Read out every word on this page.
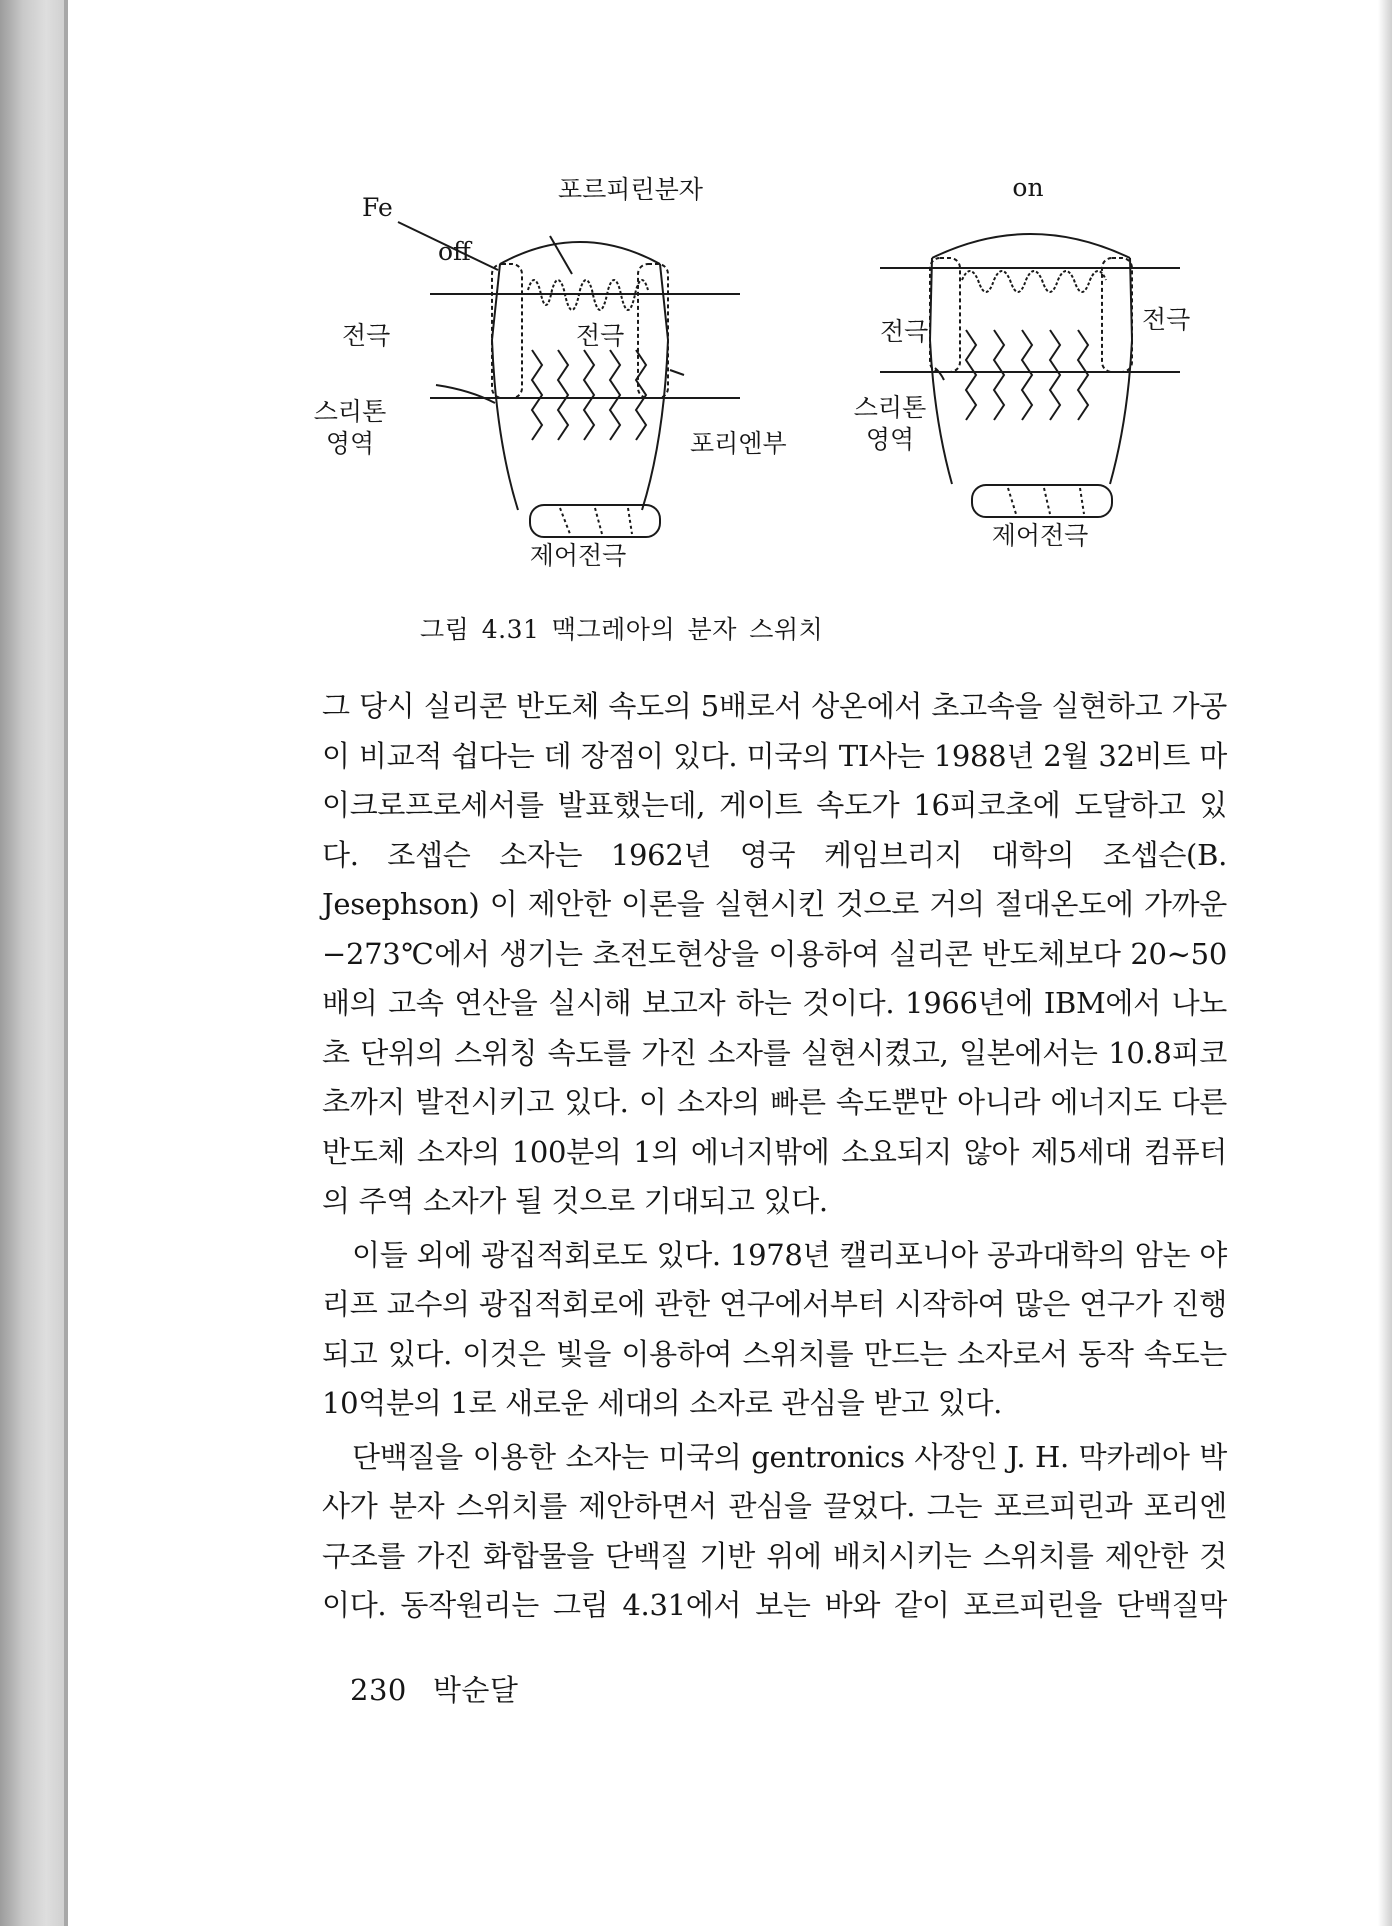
off
Fe
포르피린분자
전극	전극
스리톤
영역	포리엔부
제어전극
on
전극	전극
스리톤
영역
제어전극
그림 4.31 맥그레아의 분자 스위치

그 당시 실리콘 반도체 속도의 5배로서 상온에서 초고속을 실현하고 가공이 비교적 쉽다는 데 장점이 있다. 미국의 TI사는 1988년 2월 32비트 마이크로프로세서를 발표했는데, 게이트 속도가 16피코초에 도달하고 있다. 조셉슨 소자는 1962년 영국 케임브리지 대학의 조셉슨(B. Jesephson) 이 제안한 이론을 실현시킨 것으로 거의 절대온도에 가까운 −273℃에서 생기는 초전도현상을 이용하여 실리콘 반도체보다 20∼50배의 고속 연산을 실시해 보고자 하는 것이다. 1966년에 IBM에서 나노초 단위의 스위칭 속도를 가진 소자를 실현시켰고, 일본에서는 10.8피코초까지 발전시키고 있다. 이 소자의 빠른 속도뿐만 아니라 에너지도 다른 반도체 소자의 100분의 1의 에너지밖에 소요되지 않아 제5세대 컴퓨터의 주역 소자가 될 것으로 기대되고 있다.

이들 외에 광집적회로도 있다. 1978년 캘리포니아 공과대학의 암논 야리프 교수의 광집적회로에 관한 연구에서부터 시작하여 많은 연구가 진행되고 있다. 이것은 빛을 이용하여 스위치를 만드는 소자로서 동작 속도는 10억분의 1로 새로운 세대의 소자로 관심을 받고 있다.

단백질을 이용한 소자는 미국의 gentronics 사장인 J. H. 막카레아 박사가 분자 스위치를 제안하면서 관심을 끌었다. 그는 포르피린과 포리엔 구조를 가진 화합물을 단백질 기반 위에 배치시키는 스위치를 제안한 것이다. 동작원리는 그림 4.31에서 보는 바와 같이 포르피린을 단백질막

230 박순달
